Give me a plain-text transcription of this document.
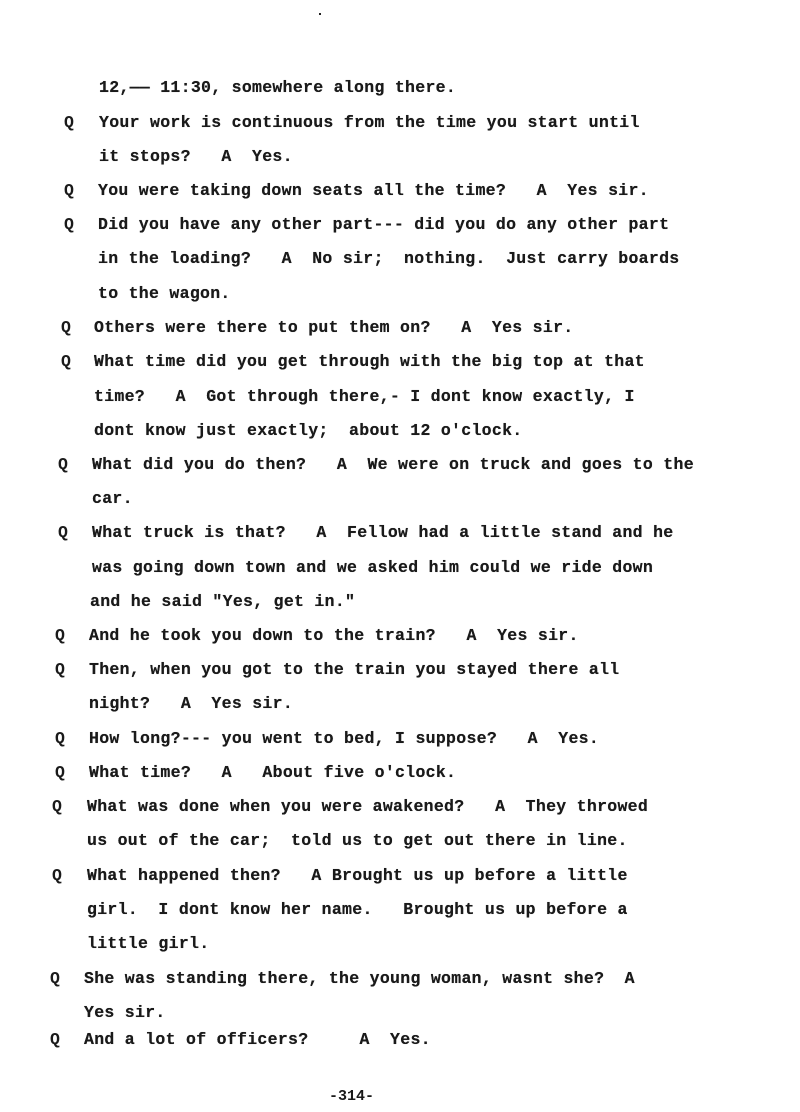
12,—— 11:30, somewhere along there.
Q Your work is continuous from the time you start until
it stops?   A  Yes.
Q You were taking down seats all the time?   A  Yes sir.
Q Did you have any other part--- did you do any other part
in the loading?   A  No sir;  nothing.  Just carry boards
to the wagon.
Q Others were there to put them on?   A  Yes sir.
Q What time did you get through with the big top at that
time?   A  Got through there,- I dont know exactly, I
dont know just exactly;  about 12 o'clock.
Q What did you do then?   A  We were on truck and goes to the
car.
Q What truck is that?   A  Fellow had a little stand and he
was going down town and we asked him could we ride down
and he said "Yes, get in."
Q And he took you down to the train?   A  Yes sir.
Q Then, when you got to the train you stayed there all
night?   A  Yes sir.
Q How long?--- you went to bed, I suppose?   A  Yes.
Q What time?   A   About five o'clock.
Q What was done when you were awakened?   A  They throwed
us out of the car;  told us to get out there in line.
Q What happened then?   A Brought us up before a little
girl.  I dont know her name.   Brought us up before a
little girl.
Q She was standing there, the young woman, wasnt she?  A
Yes sir.
Q And a lot of officers?     A  Yes.
-314-
